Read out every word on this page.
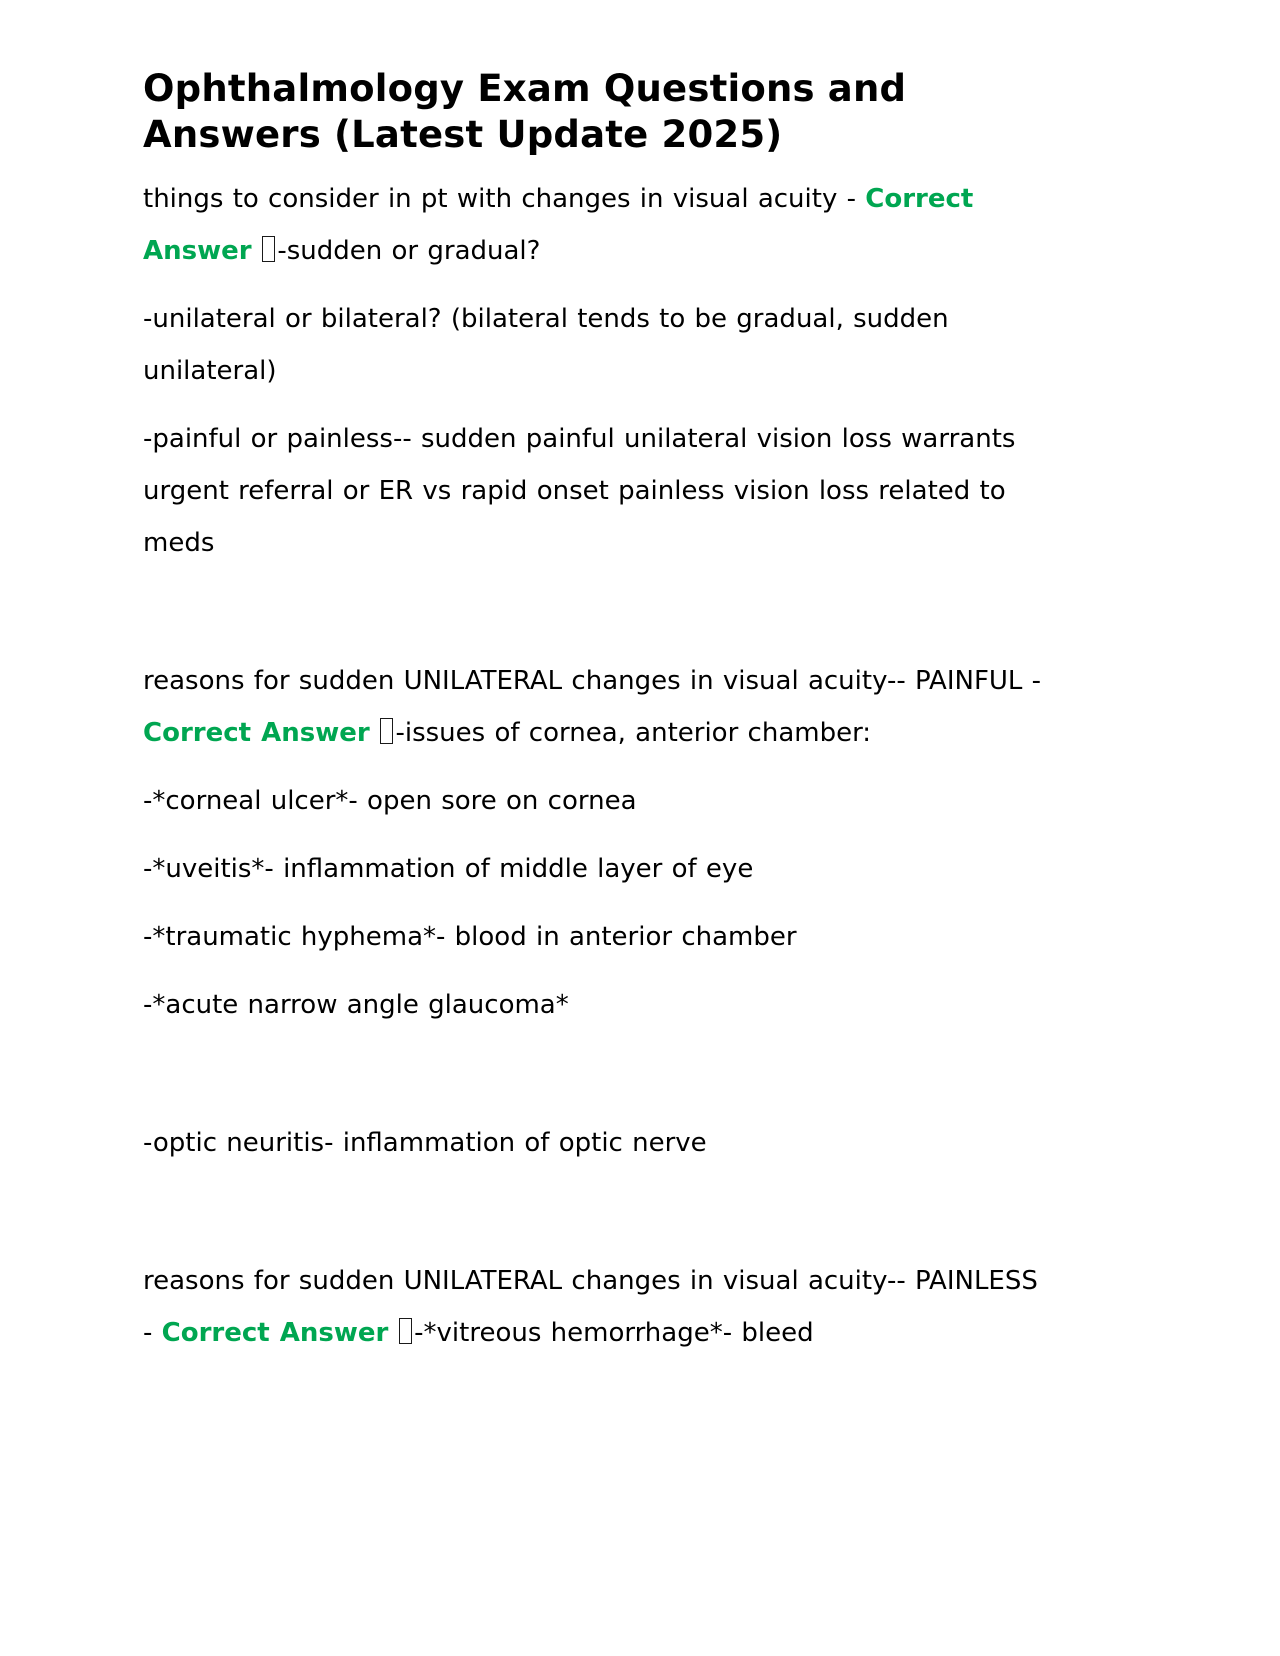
Ophthalmology Exam Questions and Answers (Latest Update 2025)

things to consider in pt with changes in visual acuity - Correct Answer -sudden or gradual?

-unilateral or bilateral? (bilateral tends to be gradual, sudden unilateral)

-painful or painless-- sudden painful unilateral vision loss warrants urgent referral or ER vs rapid onset painless vision loss related to meds

reasons for sudden UNILATERAL changes in visual acuity-- PAINFUL - Correct Answer -issues of cornea, anterior chamber:

-*corneal ulcer*- open sore on cornea

-*uveitis*- inflammation of middle layer of eye

-*traumatic hyphema*- blood in anterior chamber

-*acute narrow angle glaucoma*

-optic neuritis- inflammation of optic nerve

reasons for sudden UNILATERAL changes in visual acuity-- PAINLESS - Correct Answer -*vitreous hemorrhage*- bleed
